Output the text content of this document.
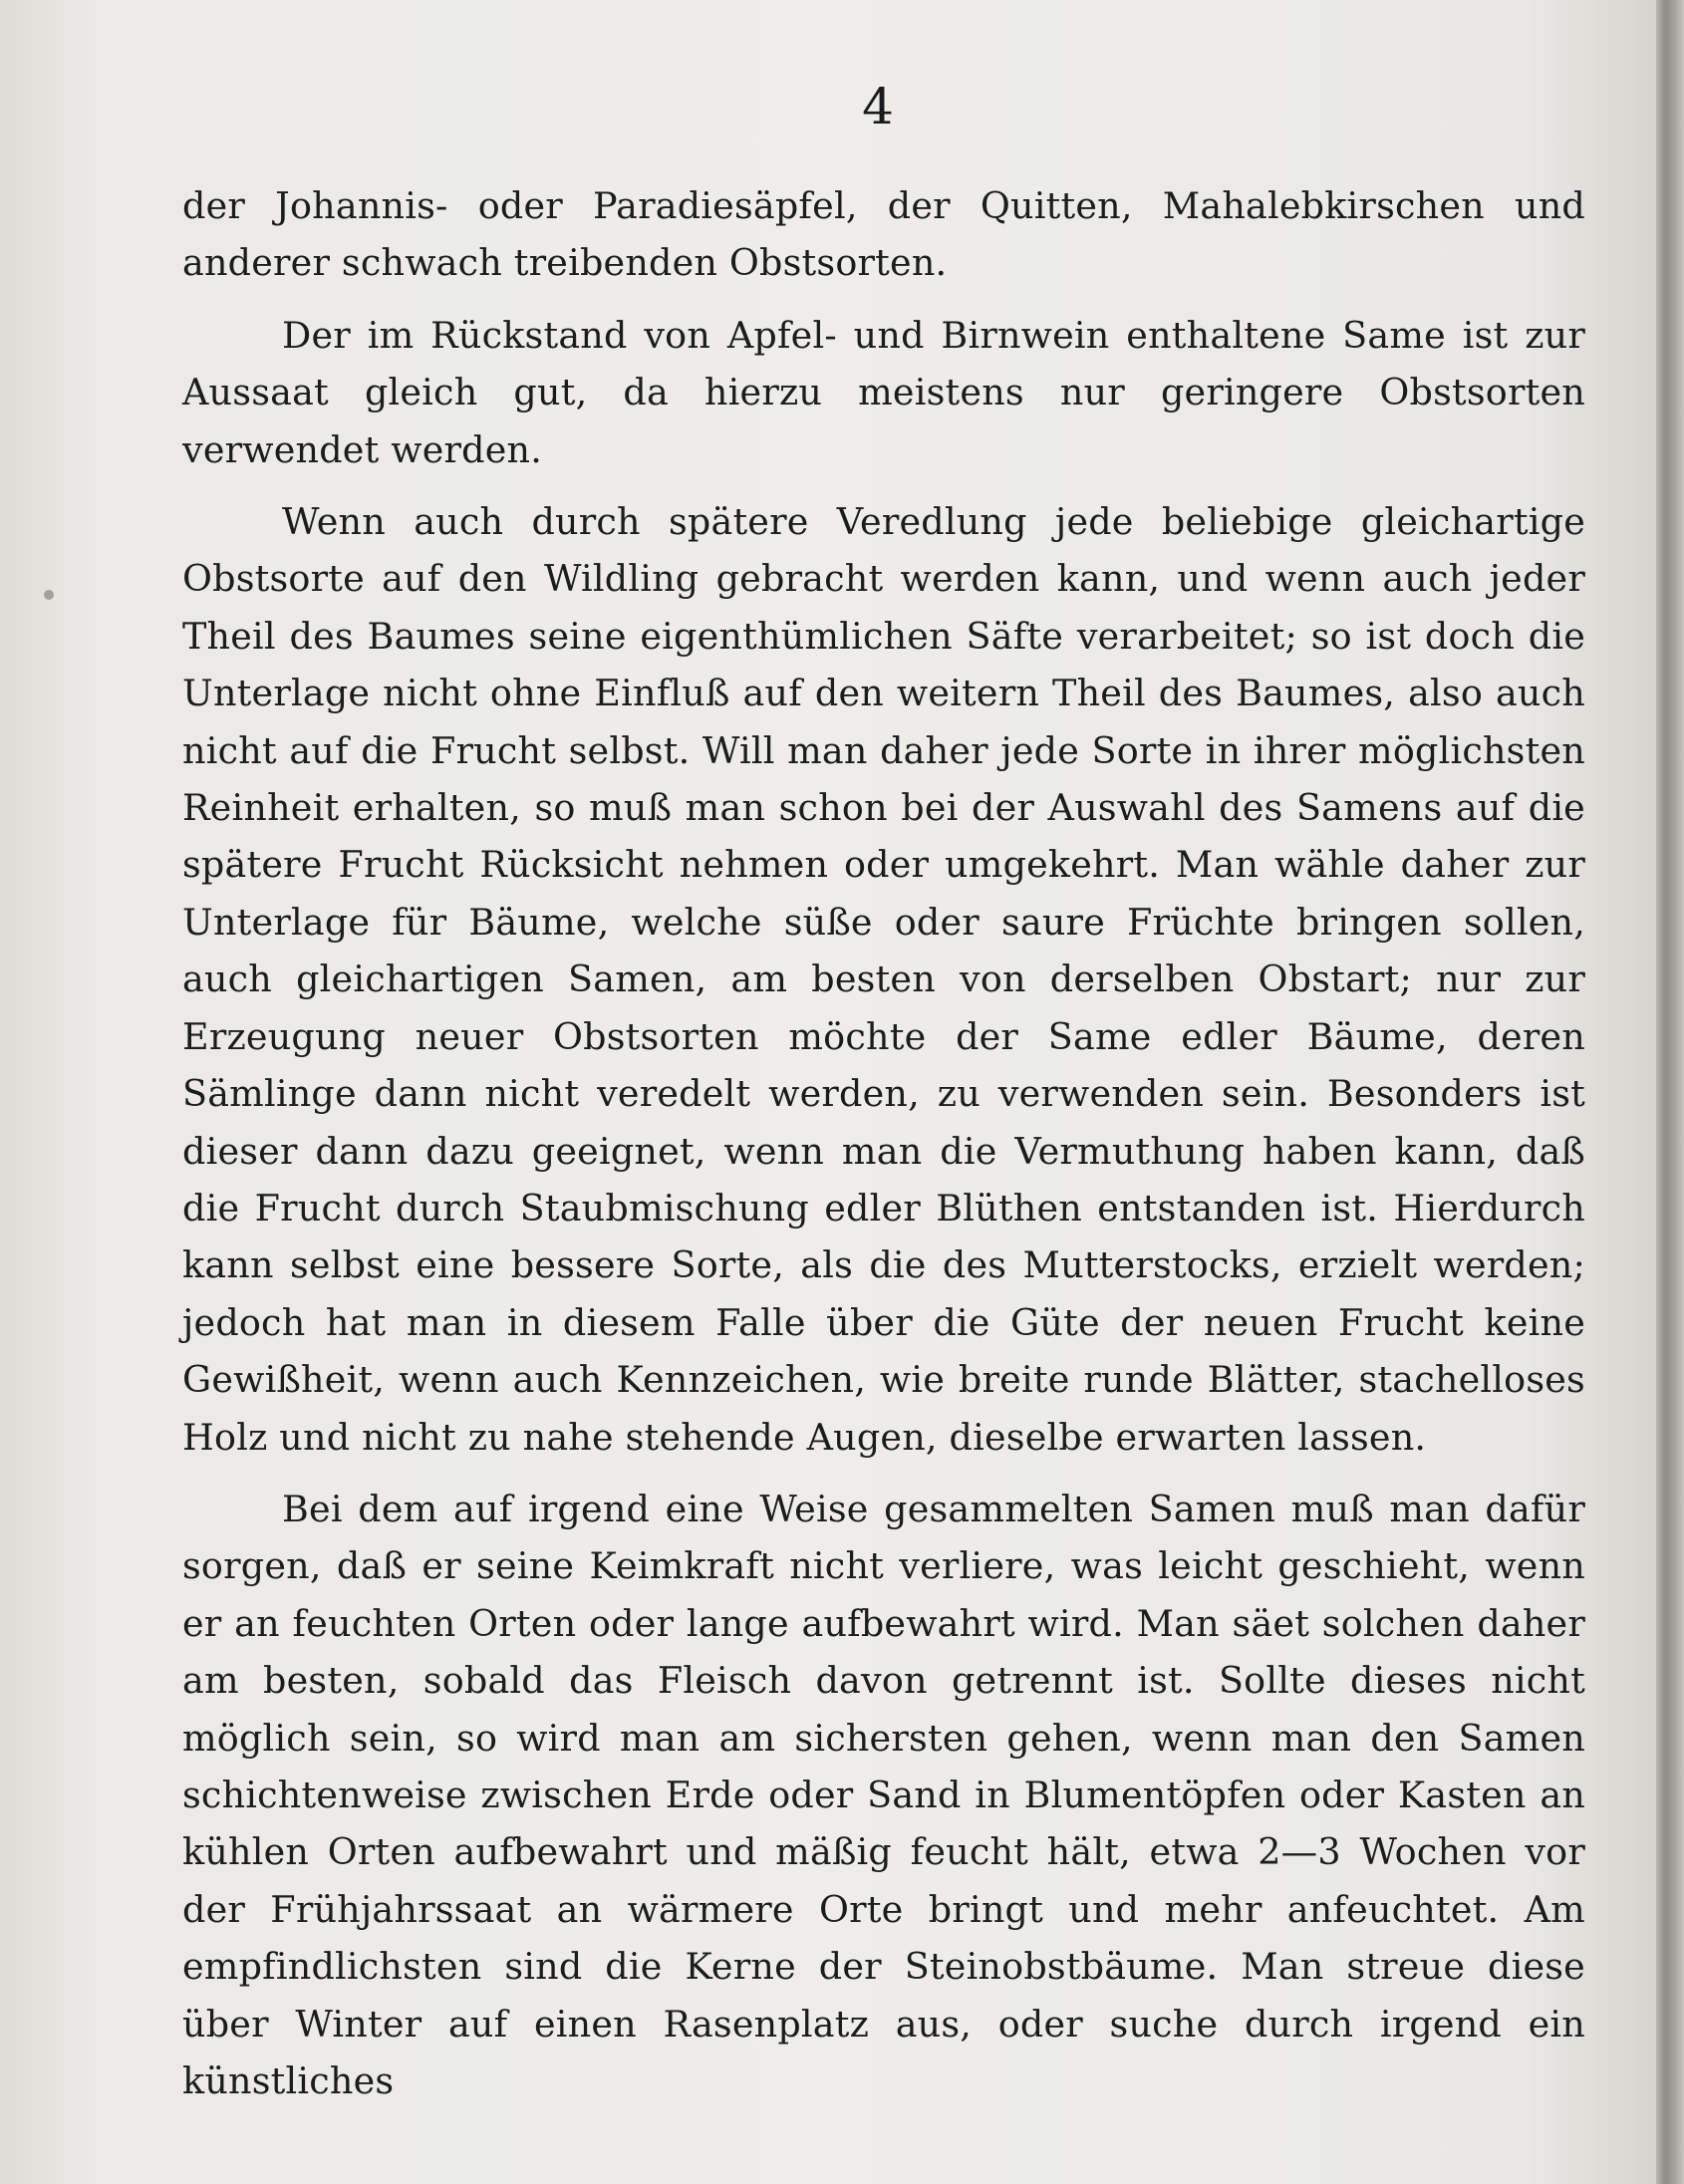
4

der Johannis- oder Paradiesäpfel, der Quitten, Mahalebkirschen und anderer schwach treibenden Obstsorten.

Der im Rückstand von Apfel- und Birnwein enthaltene Same ist zur Aussaat gleich gut, da hierzu meistens nur geringere Obstsorten verwendet werden.

Wenn auch durch spätere Veredlung jede beliebige gleichartige Obstsorte auf den Wildling gebracht werden kann, und wenn auch jeder Theil des Baumes seine eigenthümlichen Säfte verarbeitet; so ist doch die Unterlage nicht ohne Einfluß auf den weitern Theil des Baumes, also auch nicht auf die Frucht selbst. Will man daher jede Sorte in ihrer möglichsten Reinheit erhalten, so muß man schon bei der Auswahl des Samens auf die spätere Frucht Rücksicht nehmen oder umgekehrt. Man wähle daher zur Unterlage für Bäume, welche süße oder saure Früchte bringen sollen, auch gleichartigen Samen, am besten von derselben Obstart; nur zur Erzeugung neuer Obstsorten möchte der Same edler Bäume, deren Sämlinge dann nicht veredelt werden, zu verwenden sein. Besonders ist dieser dann dazu geeignet, wenn man die Vermuthung haben kann, daß die Frucht durch Staubmischung edler Blüthen entstanden ist. Hierdurch kann selbst eine bessere Sorte, als die des Mutterstocks, erzielt werden; jedoch hat man in diesem Falle über die Güte der neuen Frucht keine Gewißheit, wenn auch Kennzeichen, wie breite runde Blätter, stachelloses Holz und nicht zu nahe stehende Augen, dieselbe erwarten lassen.

Bei dem auf irgend eine Weise gesammelten Samen muß man dafür sorgen, daß er seine Keimkraft nicht verliere, was leicht geschieht, wenn er an feuchten Orten oder lange aufbewahrt wird. Man säet solchen daher am besten, sobald das Fleisch davon getrennt ist. Sollte dieses nicht möglich sein, so wird man am sichersten gehen, wenn man den Samen schichtenweise zwischen Erde oder Sand in Blumentöpfen oder Kasten an kühlen Orten aufbewahrt und mäßig feucht hält, etwa 2—3 Wochen vor der Frühjahrssaat an wärmere Orte bringt und mehr anfeuchtet. Am empfindlichsten sind die Kerne der Steinobstbäume. Man streue diese über Winter auf einen Rasenplatz aus, oder suche durch irgend ein künstliches
